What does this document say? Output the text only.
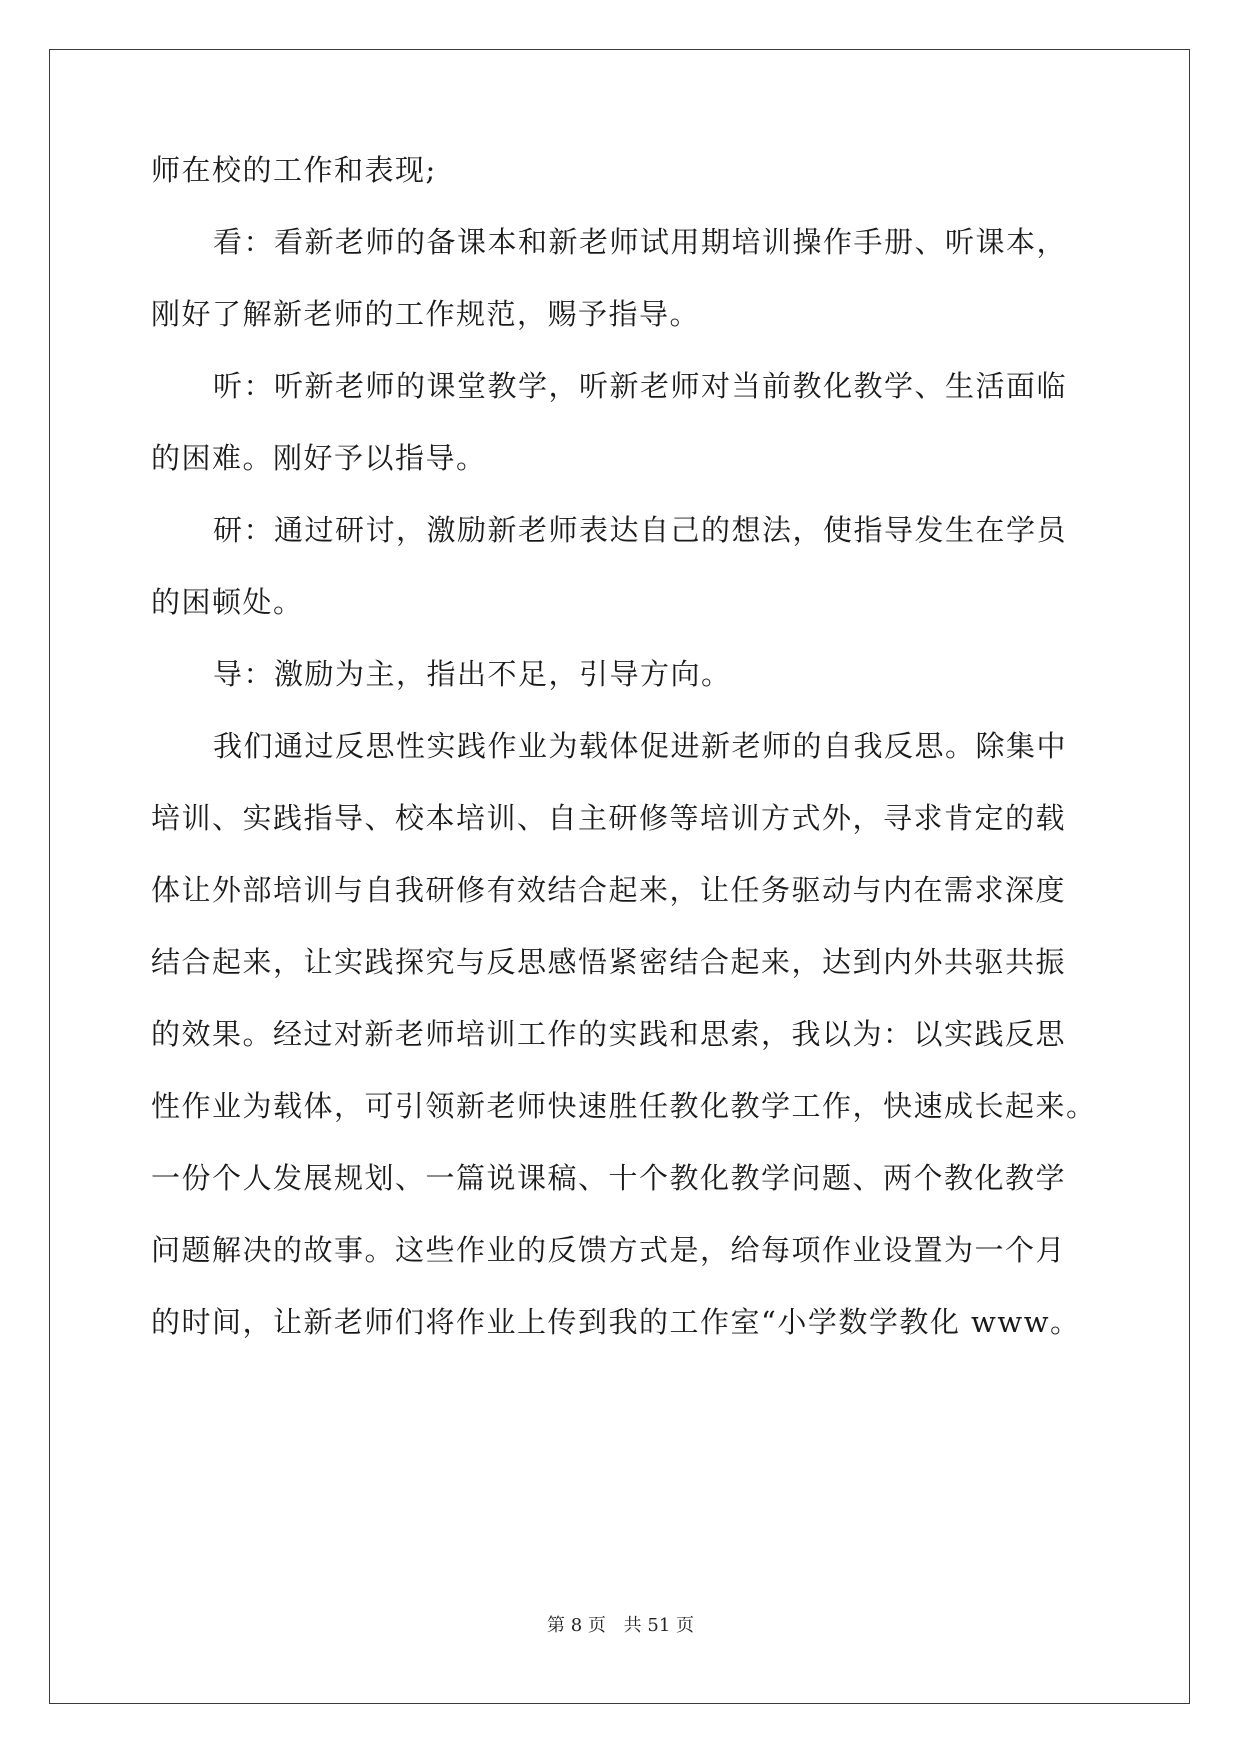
师在校的工作和表现;
看：看新老师的备课本和新老师试用期培训操作手册、听课本，
刚好了解新老师的工作规范，赐予指导。
听：听新老师的课堂教学，听新老师对当前教化教学、生活面临
的困难。刚好予以指导。
研：通过研讨，激励新老师表达自己的想法，使指导发生在学员
的困顿处。
导：激励为主，指出不足，引导方向。
我们通过反思性实践作业为载体促进新老师的自我反思。除集中
培训、实践指导、校本培训、自主研修等培训方式外，寻求肯定的载
体让外部培训与自我研修有效结合起来，让任务驱动与内在需求深度
结合起来，让实践探究与反思感悟紧密结合起来，达到内外共驱共振
的效果。经过对新老师培训工作的实践和思索，我以为：以实践反思
性作业为载体，可引领新老师快速胜任教化教学工作，快速成长起来。
一份个人发展规划、一篇说课稿、十个教化教学问题、两个教化教学
问题解决的故事。这些作业的反馈方式是，给每项作业设置为一个月
的时间，让新老师们将作业上传到我的工作室“小学数学教化 www。
第 8 页 共 51 页
